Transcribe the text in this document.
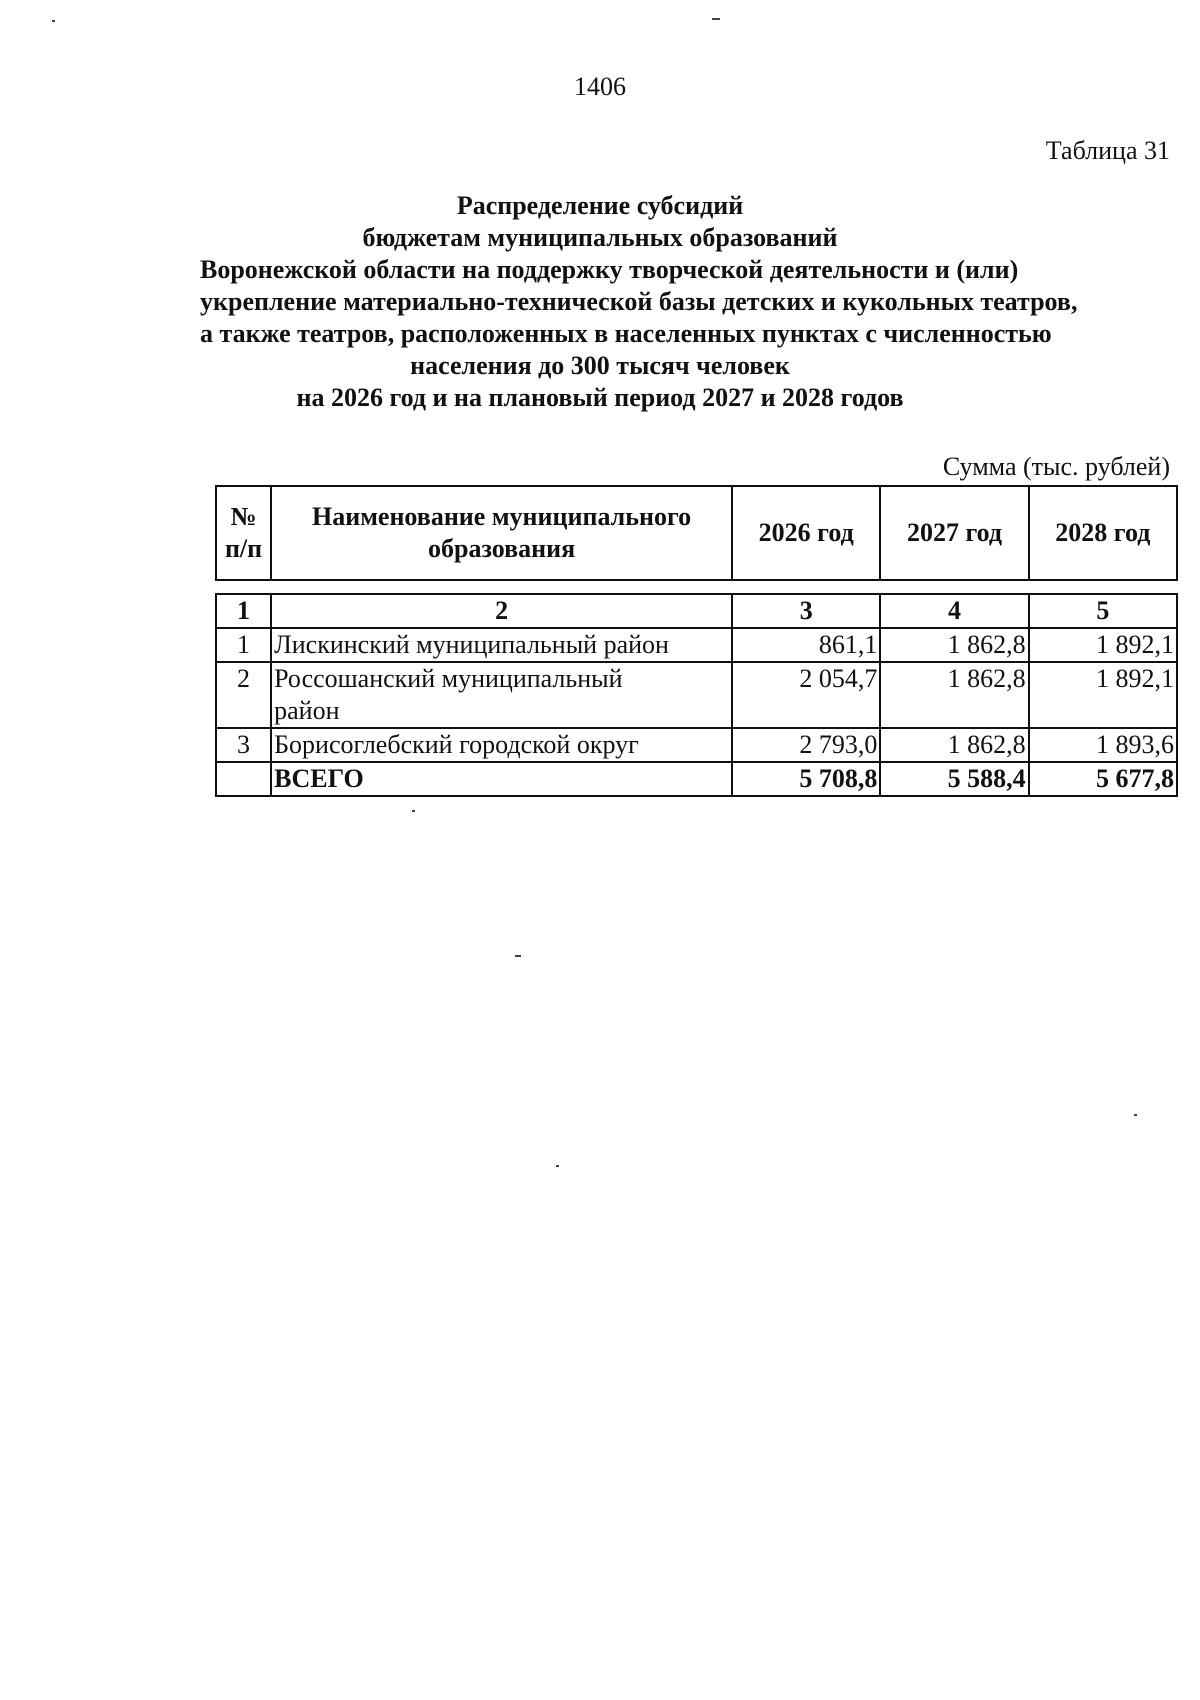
1406
Таблица 31
Распределение субсидий
бюджетам муниципальных образований
Воронежской области на поддержку творческой деятельности и (или)
укрепление материально-технической базы детских и кукольных театров,
а также театров, расположенных в населенных пунктах с численностью
населения до 300 тысяч человек
на 2026 год и на плановый период 2027 и 2028 годов
Сумма (тыс. рублей)
№ п/п	Наименование муниципального образования	2026 год	2027 год	2028 год
1	2	3	4	5
1	Лискинский муниципальный район	861,1	1 862,8	1 892,1
2	Россошанский муниципальный район	2 054,7	1 862,8	1 892,1
3	Борисоглебский городской округ	2 793,0	1 862,8	1 893,6
	ВСЕГО	5 708,8	5 588,4	5 677,8
